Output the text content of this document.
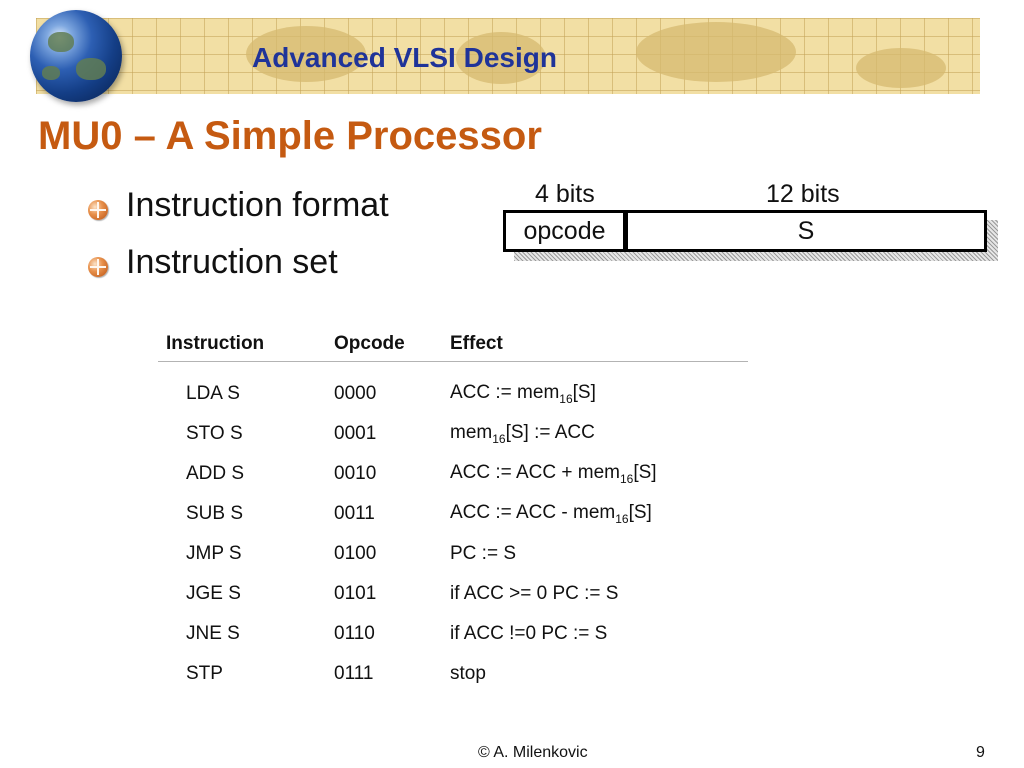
Advanced VLSI Design
MU0 – A Simple Processor
Instruction format
Instruction set
4 bits	12 bits
opcode	S
Instruction	Opcode	Effect
LDA S	0000	ACC := mem$_{16}$[S]
STO S	0001	mem$_{16}$[S] := ACC
ADD S	0010	ACC := ACC + mem$_{16}$[S]
SUB S	0011	ACC := ACC - mem$_{16}$[S]
JMP S	0100	PC := S
JGE S	0101	if ACC >= 0 PC := S
JNE S	0110	if ACC !=0 PC := S
STP	0111	stop
© A. Milenkovic	9
